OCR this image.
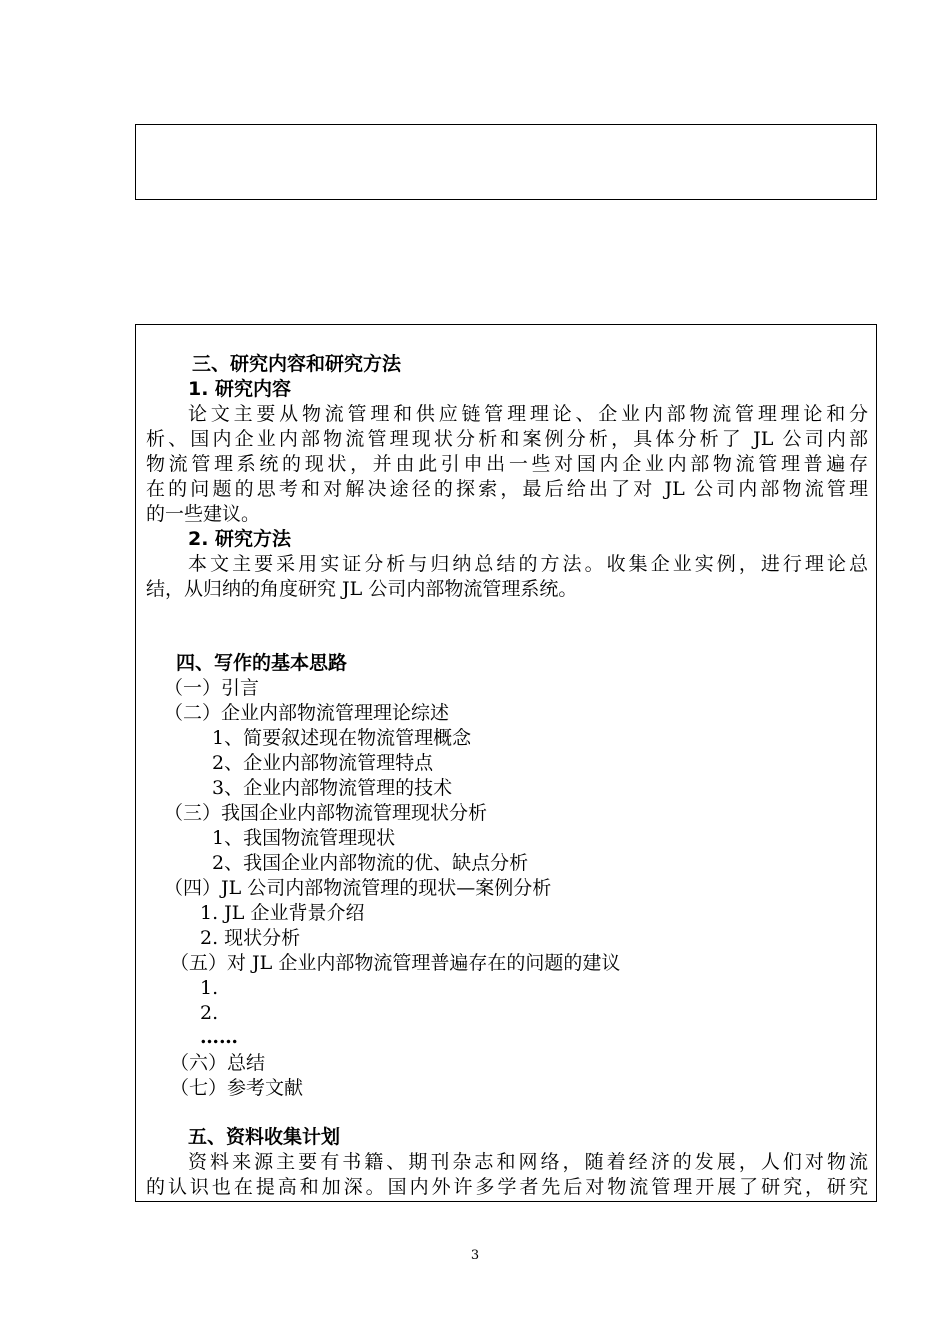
三、研究内容和研究方法
1. 研究内容
论文主要从物流管理和供应链管理理论、企业内部物流管理理论和分
析、国内企业内部物流管理现状分析和案例分析，具体分析了 JL 公司内部
物流管理系统的现状，并由此引申出一些对国内企业内部物流管理普遍存
在的问题的思考和对解决途径的探索，最后给出了对 JL 公司内部物流管理
的一些建议。
2. 研究方法
本文主要采用实证分析与归纳总结的方法。收集企业实例，进行理论总
结，从归纳的角度研究 JL 公司内部物流管理系统。
四、写作的基本思路
（一）引言
（二）企业内部物流管理理论综述
1、简要叙述现在物流管理概念
2、企业内部物流管理特点
3、企业内部物流管理的技术
（三）我国企业内部物流管理现状分析
1、我国物流管理现状
2、我国企业内部物流的优、缺点分析
（四）JL 公司内部物流管理的现状—案例分析
1. JL 企业背景介绍
2. 现状分析
（五）对 JL 企业内部物流管理普遍存在的问题的建议
1.
2.
……
（六）总结
（七）参考文献
五、资料收集计划
资料来源主要有书籍、期刊杂志和网络，随着经济的发展，人们对物流
的认识也在提高和加深。国内外许多学者先后对物流管理开展了研究，研究
3
